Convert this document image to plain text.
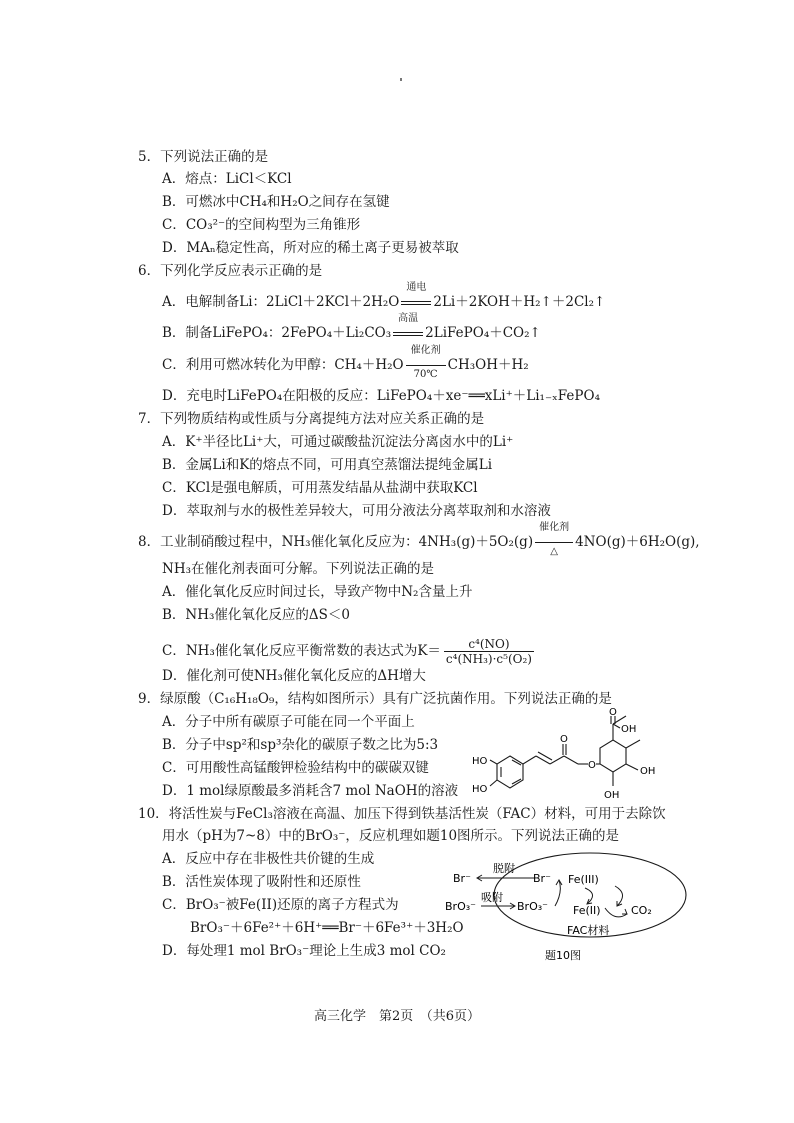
5．下列说法正确的是
A．熔点：LiCl＜KCl
B．可燃冰中CH₄和H₂O之间存在氢键
C．CO₃²⁻的空间构型为三角锥形
D．MAₙ稳定性高，所对应的稀土离子更易被萃取
6．下列化学反应表示正确的是
A．电解制备Li：2LiCl＋2KCl＋2H₂O
通电
2Li＋2KOH＋H₂↑＋2Cl₂↑
B．制备LiFePO₄：2FePO₄＋Li₂CO₃
高温
2LiFePO₄＋CO₂↑
C．利用可燃冰转化为甲醇：CH₄＋H₂O
催化剂
70℃
CH₃OH＋H₂
D．充电时LiFePO₄在阳极的反应：LiFePO₄＋xe⁻══xLi⁺＋Li₁₋ₓFePO₄
7．下列物质结构或性质与分离提纯方法对应关系正确的是
A．K⁺半径比Li⁺大，可通过碳酸盐沉淀法分离卤水中的Li⁺
B．金属Li和K的熔点不同，可用真空蒸馏法提纯金属Li
C．KCl是强电解质，可用蒸发结晶从盐湖中获取KCl
D．萃取剂与水的极性差异较大，可用分液法分离萃取剂和水溶液
8．工业制硝酸过程中，NH₃催化氧化反应为：4NH₃(g)＋5O₂(g)
催化剂
△
4NO(g)＋6H₂O(g),
NH₃在催化剂表面可分解。下列说法正确的是
A．催化氧化反应时间过长，导致产物中N₂含量上升
B．NH₃催化氧化反应的ΔS＜0
C．NH₃催化氧化反应平衡常数的表达式为$K= \frac{\text{c⁴(NO)}}{\text{c⁴(NH₃)·c⁵(O₂)}}$
D．催化剂可使NH₃催化氧化反应的ΔH增大
9．绿原酸（C₁₆H₁₈O₉，结构如图所示）具有广泛抗菌作用。下列说法正确的是
A．分子中所有碳原子可能在同一个平面上
B．分子中sp²和sp³杂化的碳原子数之比为5:3
C．可用酸性高锰酸钾检验结构中的碳碳双键
D．1 mol绿原酸最多消耗含7 mol NaOH的溶液
O
OH
HO
HO
O
O
OH
OH
10．将活性炭与FeCl₃溶液在高温、加压下得到铁基活性炭（FAC）材料，可用于去除饮
用水（pH为7~8）中的BrO₃⁻，反应机理如题10图所示。下列说法正确的是
A．反应中存在非极性共价键的生成
B．活性炭体现了吸附性和还原性
C．BrO₃⁻被Fe(II)还原的离子方程式为
BrO₃⁻＋6Fe²⁺＋6H⁺══Br⁻＋6Fe³⁺＋3H₂O
D．每处理1 mol BrO₃⁻理论上生成3 mol CO₂
Br⁻
脱附
Br⁻ Fe(III)
BrO₃⁻
吸附
BrO₃⁻ Fe(II)	CO₂
FAC材料
题10图
高三化学　第2页　（共6页）
